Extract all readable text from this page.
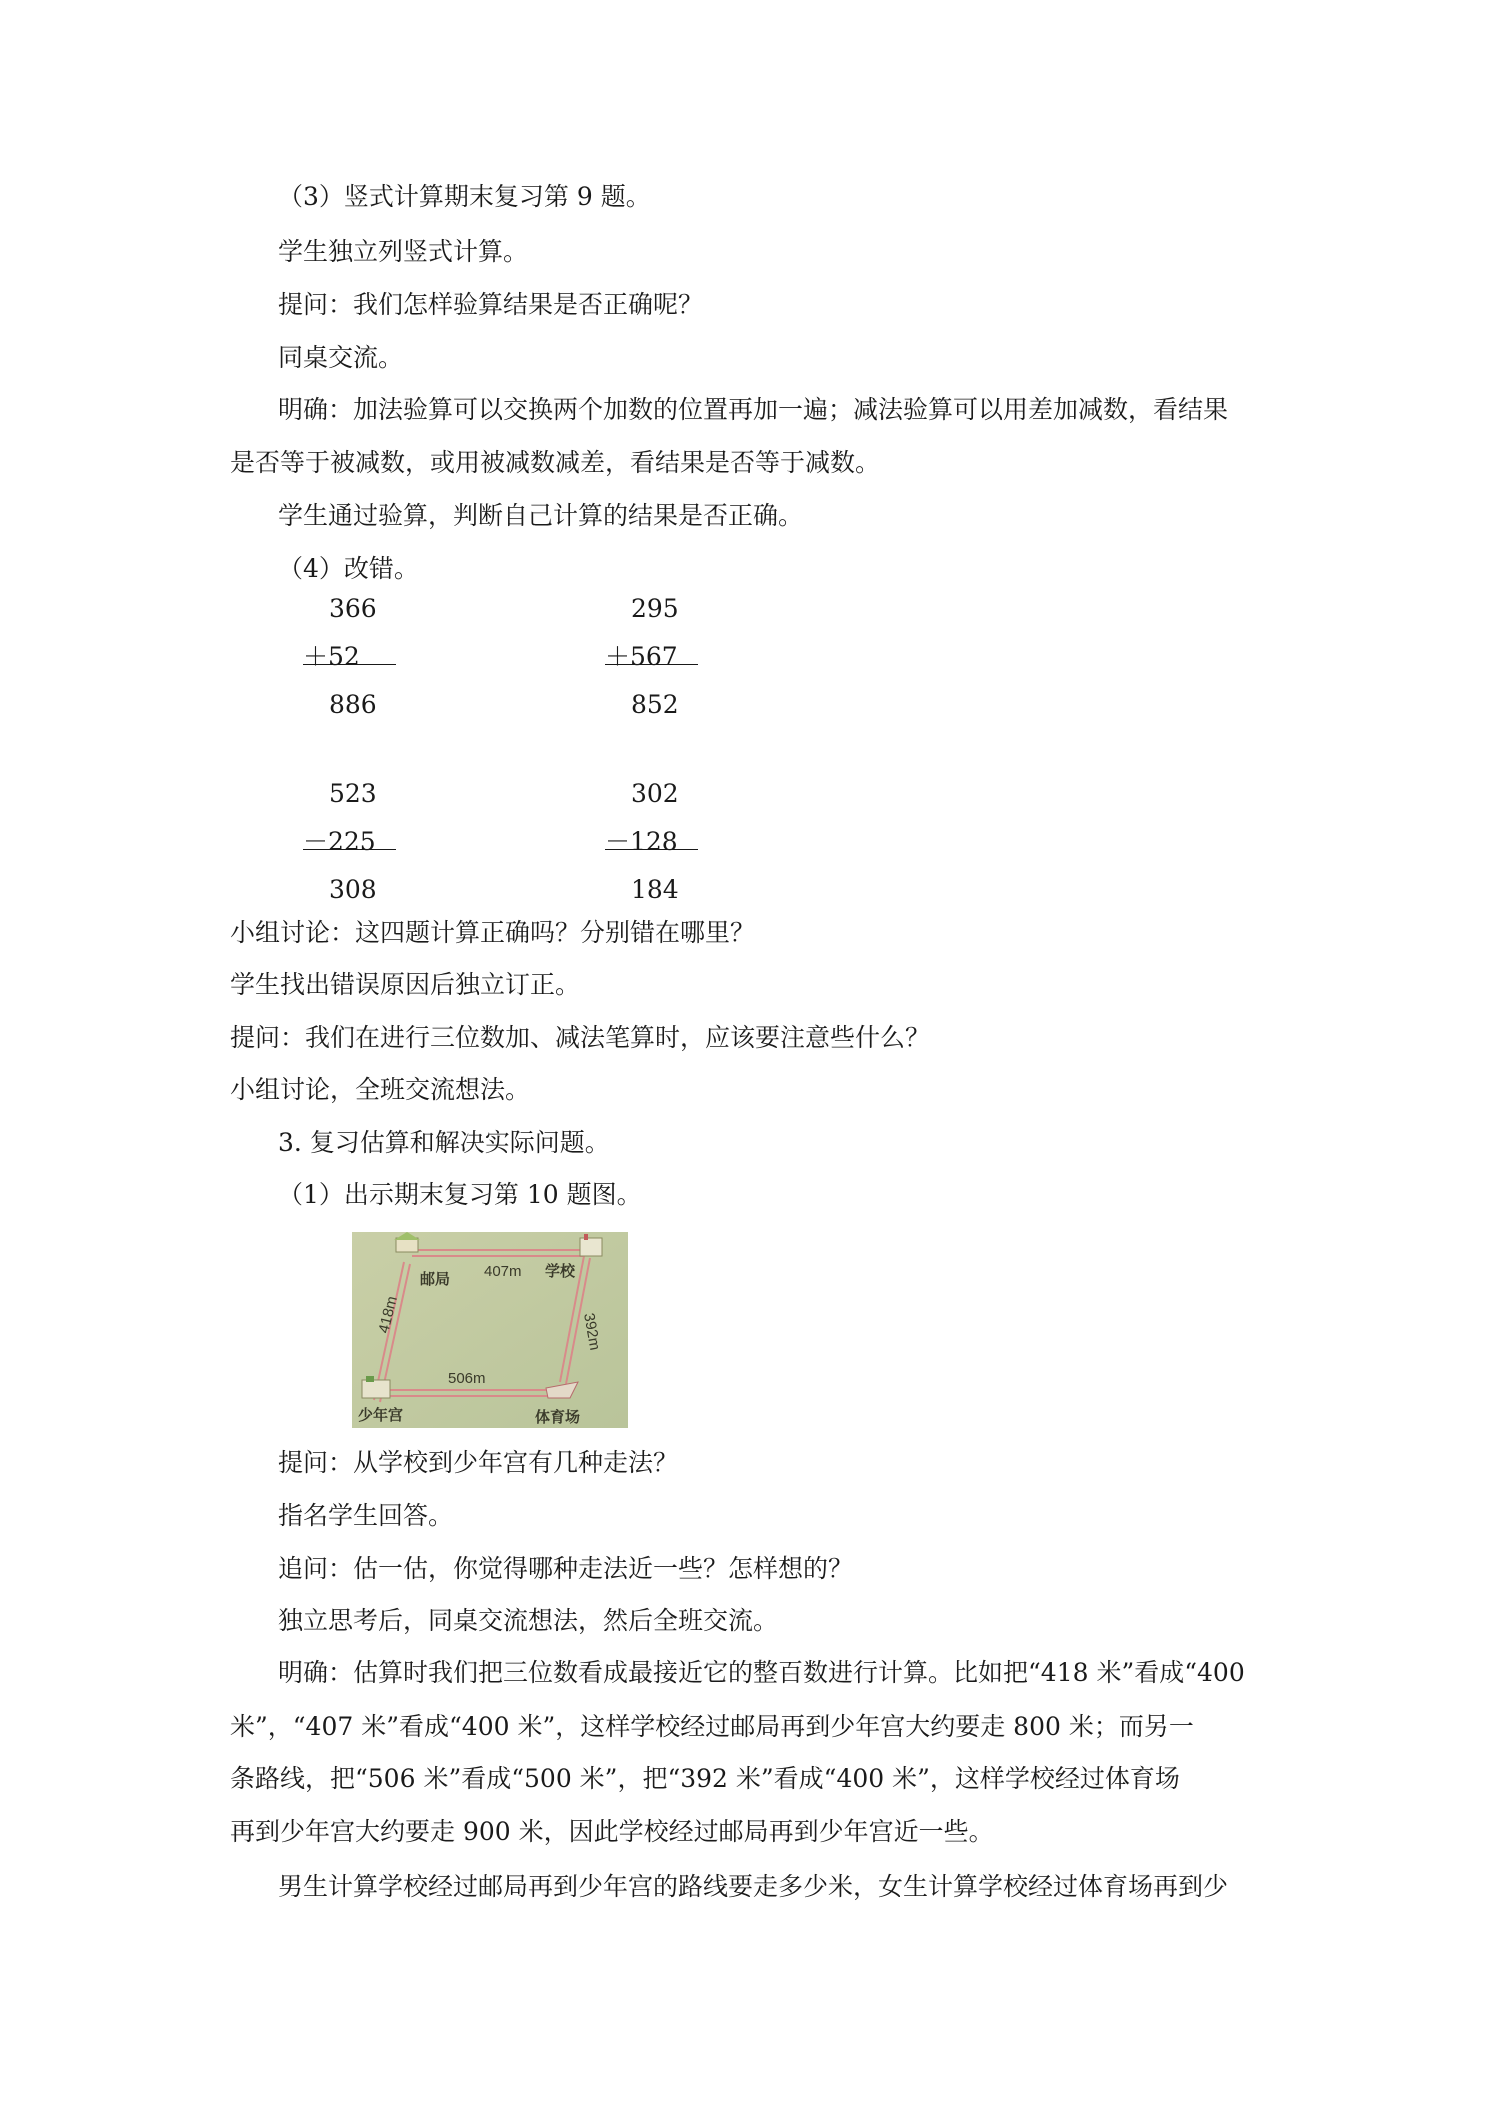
（3）竖式计算期末复习第 9 题。
学生独立列竖式计算。
提问：我们怎样验算结果是否正确呢？
同桌交流。
明确：加法验算可以交换两个加数的位置再加一遍；减法验算可以用差加减数，看结果
是否等于被减数，或用被减数减差，看结果是否等于减数。
学生通过验算，判断自己计算的结果是否正确。
（4）改错。
366
＋52
886
295
＋567
852
523
－225
308
302
－128
184
小组讨论：这四题计算正确吗？分别错在哪里？
学生找出错误原因后独立订正。
提问：我们在进行三位数加、减法笔算时，应该要注意些什么？
小组讨论，全班交流想法。
3. 复习估算和解决实际问题。
（1）出示期末复习第 10 题图。
邮局	学校
少年宫	体育场
407m
506m
418m	392m
提问：从学校到少年宫有几种走法？
指名学生回答。
追问：估一估，你觉得哪种走法近一些？怎样想的？
独立思考后，同桌交流想法，然后全班交流。
明确：估算时我们把三位数看成最接近它的整百数进行计算。比如把“418 米”看成“400
米”，“407 米”看成“400 米”，这样学校经过邮局再到少年宫大约要走 800 米；而另一
条路线，把“506 米”看成“500 米”，把“392 米”看成“400 米”，这样学校经过体育场
再到少年宫大约要走 900 米，因此学校经过邮局再到少年宫近一些。
男生计算学校经过邮局再到少年宫的路线要走多少米，女生计算学校经过体育场再到少
